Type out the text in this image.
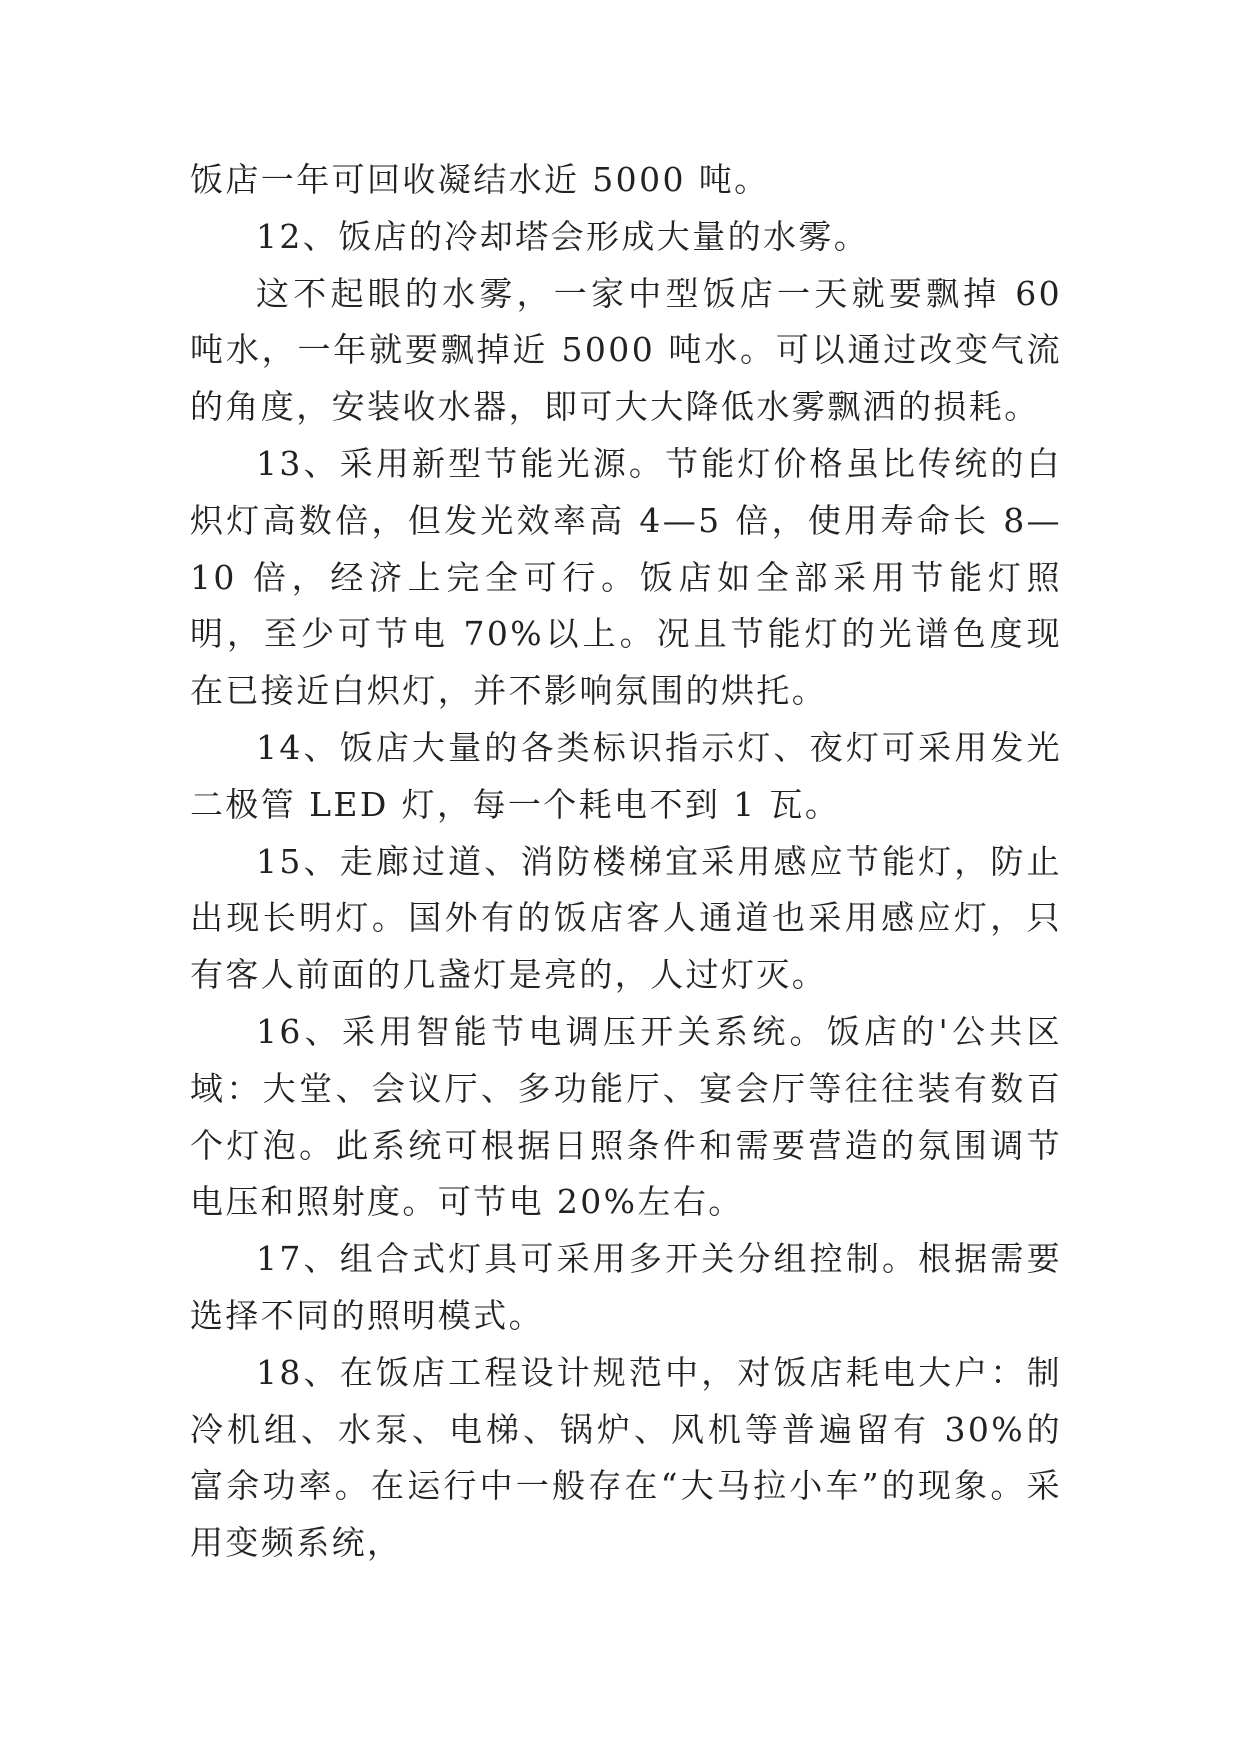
饭店一年可回收凝结水近 5000 吨。

12、饭店的冷却塔会形成大量的水雾。

这不起眼的水雾，一家中型饭店一天就要飘掉 60 吨水，一年就要飘掉近 5000 吨水。可以通过改变气流的角度，安装收水器，即可大大降低水雾飘洒的损耗。

13、采用新型节能光源。节能灯价格虽比传统的白炽灯高数倍，但发光效率高 4—5 倍，使用寿命长 8—10 倍，经济上完全可行。饭店如全部采用节能灯照明，至少可节电 70%以上。况且节能灯的光谱色度现在已接近白炽灯，并不影响氛围的烘托。

14、饭店大量的各类标识指示灯、夜灯可采用发光二极管 LED 灯，每一个耗电不到 1 瓦。

15、走廊过道、消防楼梯宜采用感应节能灯，防止出现长明灯。国外有的饭店客人通道也采用感应灯，只有客人前面的几盏灯是亮的，人过灯灭。

16、采用智能节电调压开关系统。饭店的'公共区域：大堂、会议厅、多功能厅、宴会厅等往往装有数百个灯泡。此系统可根据日照条件和需要营造的氛围调节电压和照射度。可节电 20%左右。

17、组合式灯具可采用多开关分组控制。根据需要选择不同的照明模式。

18、在饭店工程设计规范中，对饭店耗电大户：制冷机组、水泵、电梯、锅炉、风机等普遍留有 30%的富余功率。在运行中一般存在“大马拉小车”的现象。采用变频系统，
